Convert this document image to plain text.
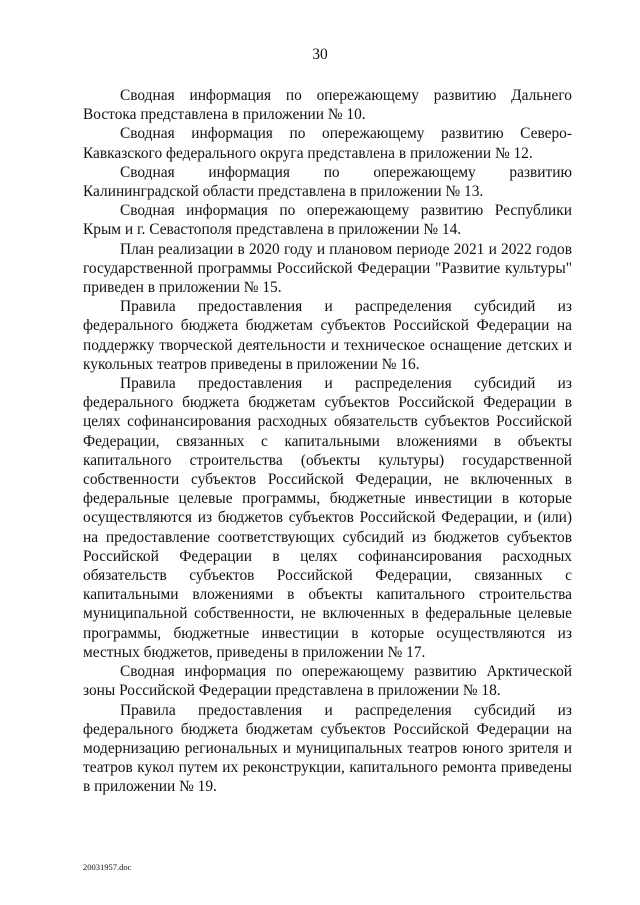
30

Сводная информация по опережающему развитию Дальнего Востока представлена в приложении № 10.

Сводная информация по опережающему развитию Северо-Кавказского федерального округа представлена в приложении № 12.

Сводная информация по опережающему развитию Калининградской области представлена в приложении № 13.

Сводная информация по опережающему развитию Республики Крым и г. Севастополя представлена в приложении № 14.

План реализации в 2020 году и плановом периоде 2021 и 2022 годов государственной программы Российской Федерации "Развитие культуры" приведен в приложении № 15.

Правила предоставления и распределения субсидий из федерального бюджета бюджетам субъектов Российской Федерации на поддержку творческой деятельности и техническое оснащение детских и кукольных театров приведены в приложении № 16.

Правила предоставления и распределения субсидий из федерального бюджета бюджетам субъектов Российской Федерации в целях софинансирования расходных обязательств субъектов Российской Федерации, связанных с капитальными вложениями в объекты капитального строительства (объекты культуры) государственной собственности субъектов Российской Федерации, не включенных в федеральные целевые программы, бюджетные инвестиции в которые осуществляются из бюджетов субъектов Российской Федерации, и (или) на предоставление соответствующих субсидий из бюджетов субъектов Российской Федерации в целях софинансирования расходных обязательств субъектов Российской Федерации, связанных с капитальными вложениями в объекты капитального строительства муниципальной собственности, не включенных в федеральные целевые программы, бюджетные инвестиции в которые осуществляются из местных бюджетов, приведены в приложении № 17.

Сводная информация по опережающему развитию Арктической зоны Российской Федерации представлена в приложении № 18.

Правила предоставления и распределения субсидий из федерального бюджета бюджетам субъектов Российской Федерации на модернизацию региональных и муниципальных театров юного зрителя и театров кукол путем их реконструкции, капитального ремонта приведены в приложении № 19.

20031957.doc
